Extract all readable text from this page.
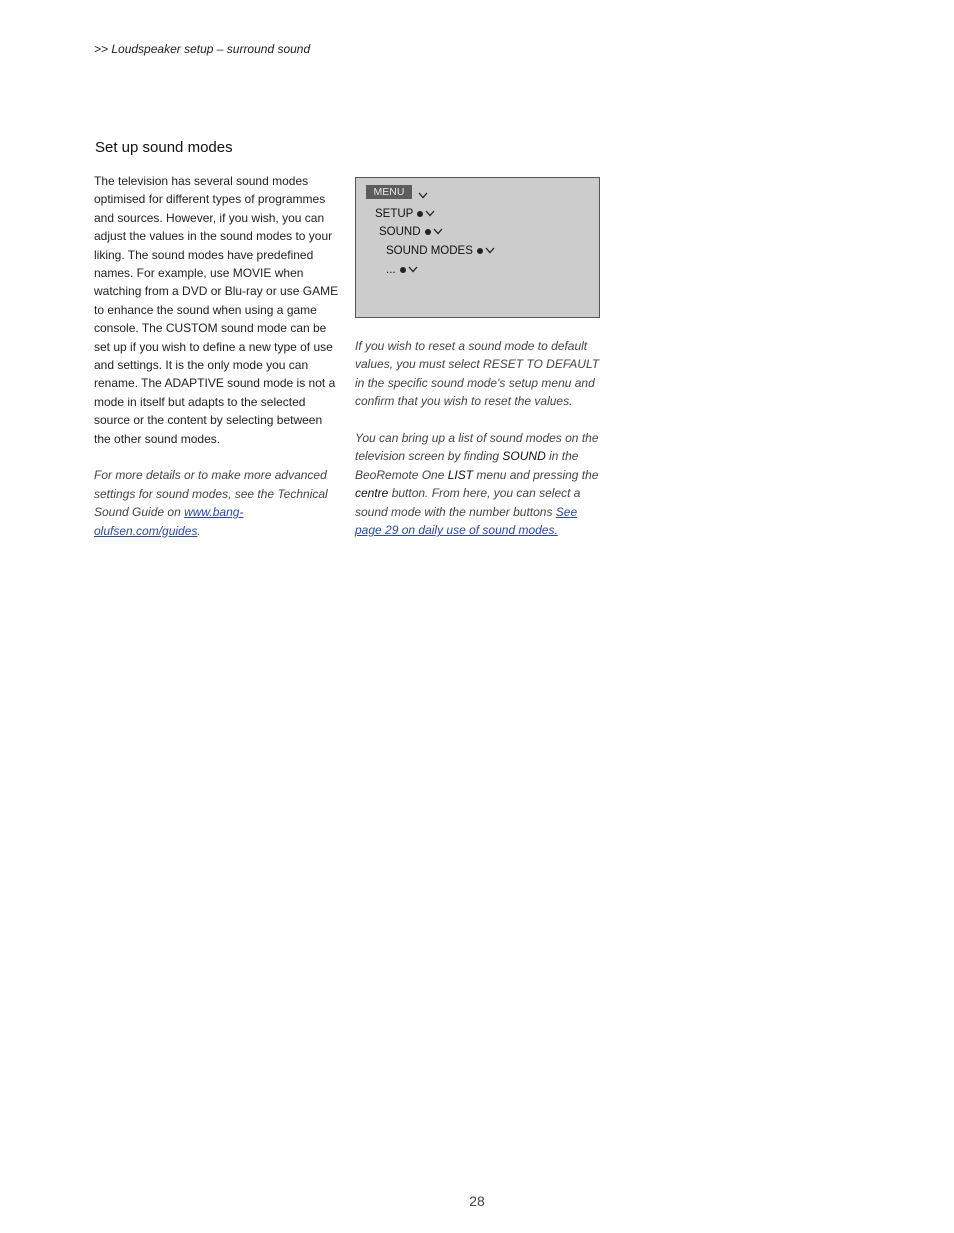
>> Loudspeaker setup – surround sound
Set up sound modes

The television has several sound modes optimised for different types of programmes and sources. However, if you wish, you can adjust the values in the sound modes to your liking. The sound modes have predefined names. For example, use MOVIE when watching from a DVD or Blu-ray or use GAME to enhance the sound when using a game console. The CUSTOM sound mode can be set up if you wish to define a new type of use and settings. It is the only mode you can rename. The ADAPTIVE sound mode is not a mode in itself but adapts to the selected source or the content by selecting between the other sound modes.

For more details or to make more advanced settings for sound modes, see the Technical Sound Guide on www.bang-olufsen.com/guides.

MENU
SETUP
SOUND
SOUND MODES
...

If you wish to reset a sound mode to default values, you must select RESET TO DEFAULT in the specific sound mode's setup menu and confirm that you wish to reset the values.

You can bring up a list of sound modes on the television screen by finding SOUND in the BeoRemote One LIST menu and pressing the centre button. From here, you can select a sound mode with the number buttons See page 29 on daily use of sound modes.

28
